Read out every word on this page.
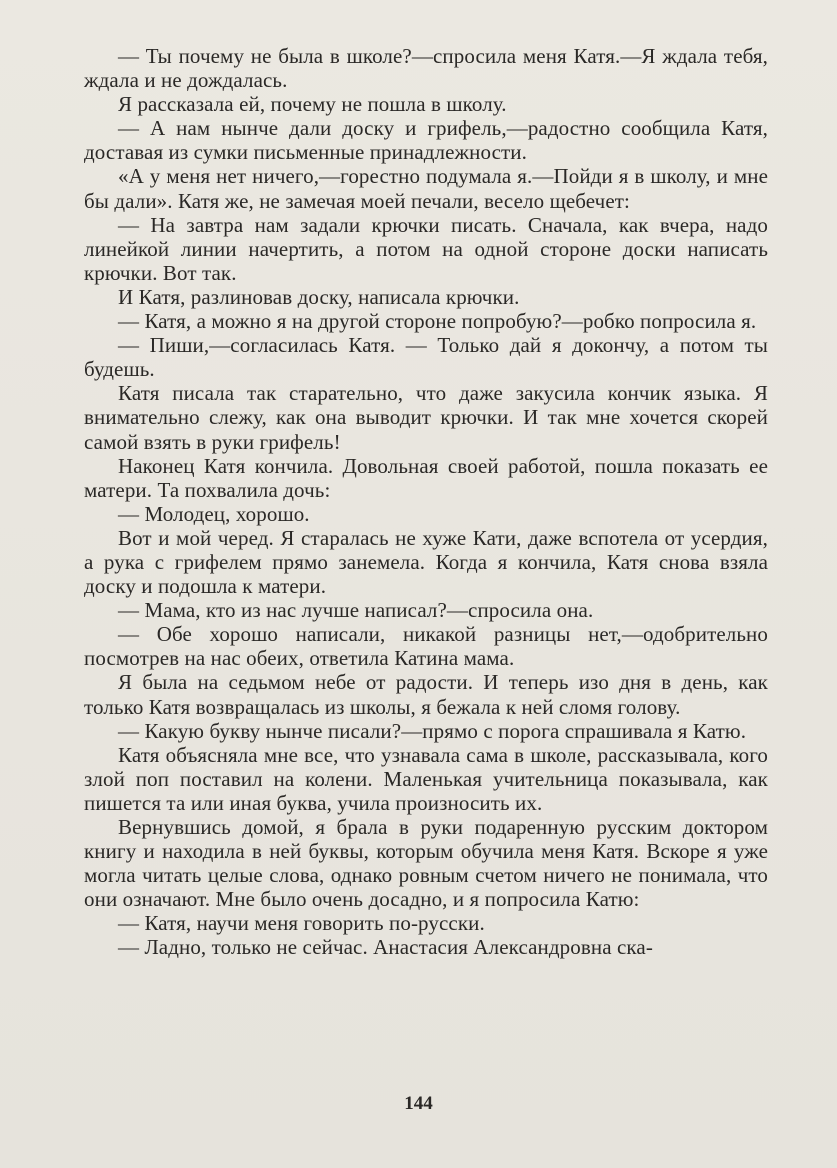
— Ты почему не была в школе?—спросила меня Катя.—Я ждала тебя, ждала и не дождалась.

Я рассказала ей, почему не пошла в школу.

— А нам нынче дали доску и грифель,—радостно сообщила Катя, доставая из сумки письменные принадлежности.

«А у меня нет ничего,—горестно подумала я.—Пойди я в школу, и мне бы дали». Катя же, не замечая моей печали, весело щебечет:

— На завтра нам задали крючки писать. Сначала, как вчера, надо линейкой линии начертить, а потом на одной стороне доски написать крючки. Вот так.

И Катя, разлиновав доску, написала крючки.

— Катя, а можно я на другой стороне попробую?—робко попросила я.

— Пиши,—согласилась Катя. — Только дай я докончу, а потом ты будешь.

Катя писала так старательно, что даже закусила кончик языка. Я внимательно слежу, как она выводит крючки. И так мне хочется скорей самой взять в руки грифель!

Наконец Катя кончила. Довольная своей работой, пошла показать ее матери. Та похвалила дочь:

— Молодец, хорошо.

Вот и мой черед. Я старалась не хуже Кати, даже вспотела от усердия, а рука с грифелем прямо занемела. Когда я кончила, Катя снова взяла доску и подошла к матери.

— Мама, кто из нас лучше написал?—спросила она.

— Обе хорошо написали, никакой разницы нет,—одобрительно посмотрев на нас обеих, ответила Катина мама.

Я была на седьмом небе от радости. И теперь изо дня в день, как только Катя возвращалась из школы, я бежала к ней сломя голову.

— Какую букву нынче писали?—прямо с порога спрашивала я Катю.

Катя объясняла мне все, что узнавала сама в школе, рассказывала, кого злой поп поставил на колени. Маленькая учительница показывала, как пишется та или иная буква, учила произносить их.

Вернувшись домой, я брала в руки подаренную русским доктором книгу и находила в ней буквы, которым обучила меня Катя. Вскоре я уже могла читать целые слова, однако ровным счетом ничего не понимала, что они означают. Мне было очень досадно, и я попросила Катю:

— Катя, научи меня говорить по-русски.

— Ладно, только не сейчас. Анастасия Александровна ска-

144
